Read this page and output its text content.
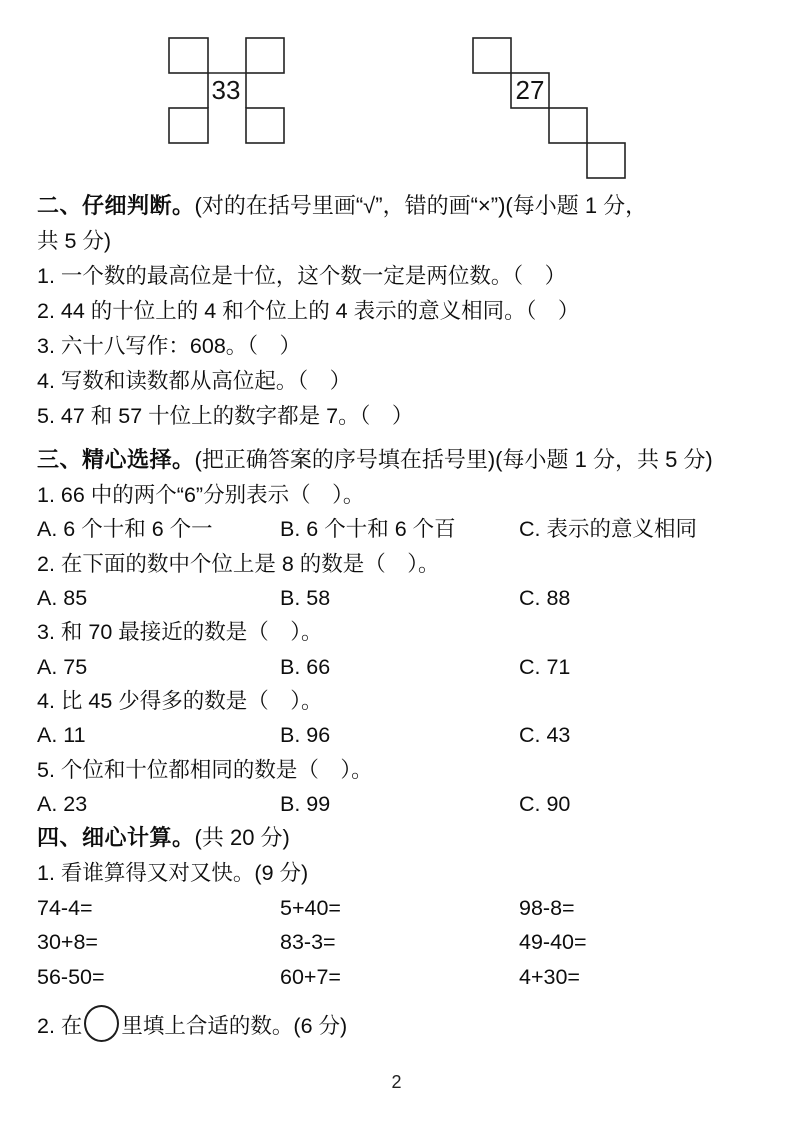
33	27
二、仔细判断。(对的在括号里画“√”，错的画“×”)(每小题 1 分，
共 5 分)
1. 一个数的最高位是十位，这个数一定是两位数。（　）
2. 44 的十位上的 4 和个位上的 4 表示的意义相同。（　）
3. 六十八写作：608。（　）
4. 写数和读数都从高位起。（　）
5. 47 和 57 十位上的数字都是 7。（　）
三、精心选择。(把正确答案的序号填在括号里)(每小题 1 分，共 5 分)
1. 66 中的两个“6”分别表示（　）。
A. 6 个十和 6 个一	B. 6 个十和 6 个百	C. 表示的意义相同
2. 在下面的数中个位上是 8 的数是（　）。
A. 85	B. 58	C. 88
3. 和 70 最接近的数是（　）。
A. 75	B. 66	C. 71
4. 比 45 少得多的数是（　）。
A. 11	B. 96	C. 43
5. 个位和十位都相同的数是（　）。
A. 23	B. 99	C. 90
四、细心计算。(共 20 分)
1. 看谁算得又对又快。(9 分)
74-4=	5+40=	98-8=
30+8=	83-3=	49-40=
56-50=	60+7=	4+30=
2. 在 里填上合适的数。(6 分)
2
